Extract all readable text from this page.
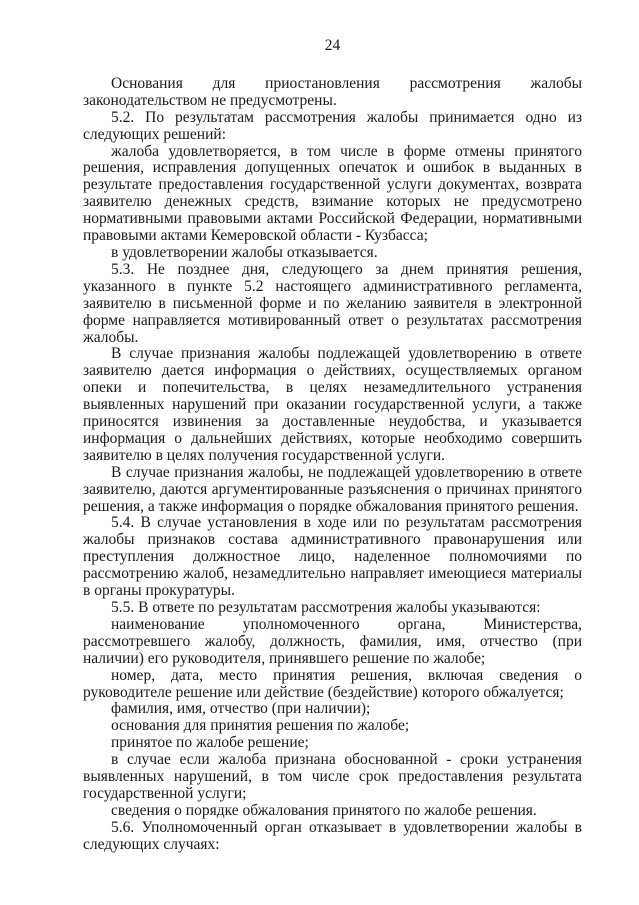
24

Основания для приостановления рассмотрения жалобы законодательством не предусмотрены.

5.2. По результатам рассмотрения жалобы принимается одно из следующих решений:

жалоба удовлетворяется, в том числе в форме отмены принятого решения, исправления допущенных опечаток и ошибок в выданных в результате предоставления государственной услуги документах, возврата заявителю денежных средств, взимание которых не предусмотрено нормативными правовыми актами Российской Федерации, нормативными правовыми актами Кемеровской области - Кузбасса;

в удовлетворении жалобы отказывается.

5.3. Не позднее дня, следующего за днем принятия решения, указанного в пункте 5.2 настоящего административного регламента, заявителю в письменной форме и по желанию заявителя в электронной форме направляется мотивированный ответ о результатах рассмотрения жалобы.

В случае признания жалобы подлежащей удовлетворению в ответе заявителю дается информация о действиях, осуществляемых органом опеки и попечительства, в целях незамедлительного устранения выявленных нарушений при оказании государственной услуги, а также приносятся извинения за доставленные неудобства, и указывается информация о дальнейших действиях, которые необходимо совершить заявителю в целях получения государственной услуги.

В случае признания жалобы, не подлежащей удовлетворению в ответе заявителю, даются аргументированные разъяснения о причинах принятого решения, а также информация о порядке обжалования принятого решения.

5.4. В случае установления в ходе или по результатам рассмотрения жалобы признаков состава административного правонарушения или преступления должностное лицо, наделенное полномочиями по рассмотрению жалоб, незамедлительно направляет имеющиеся материалы в органы прокуратуры.

5.5. В ответе по результатам рассмотрения жалобы указываются:

наименование уполномоченного органа, Министерства, рассмотревшего жалобу, должность, фамилия, имя, отчество (при наличии) его руководителя, принявшего решение по жалобе;

номер, дата, место принятия решения, включая сведения о руководителе решение или действие (бездействие) которого обжалуется;

фамилия, имя, отчество (при наличии);

основания для принятия решения по жалобе;

принятое по жалобе решение;

в случае если жалоба признана обоснованной - сроки устранения выявленных нарушений, в том числе срок предоставления результата государственной услуги;

сведения о порядке обжалования принятого по жалобе решения.

5.6. Уполномоченный орган отказывает в удовлетворении жалобы в следующих случаях:
